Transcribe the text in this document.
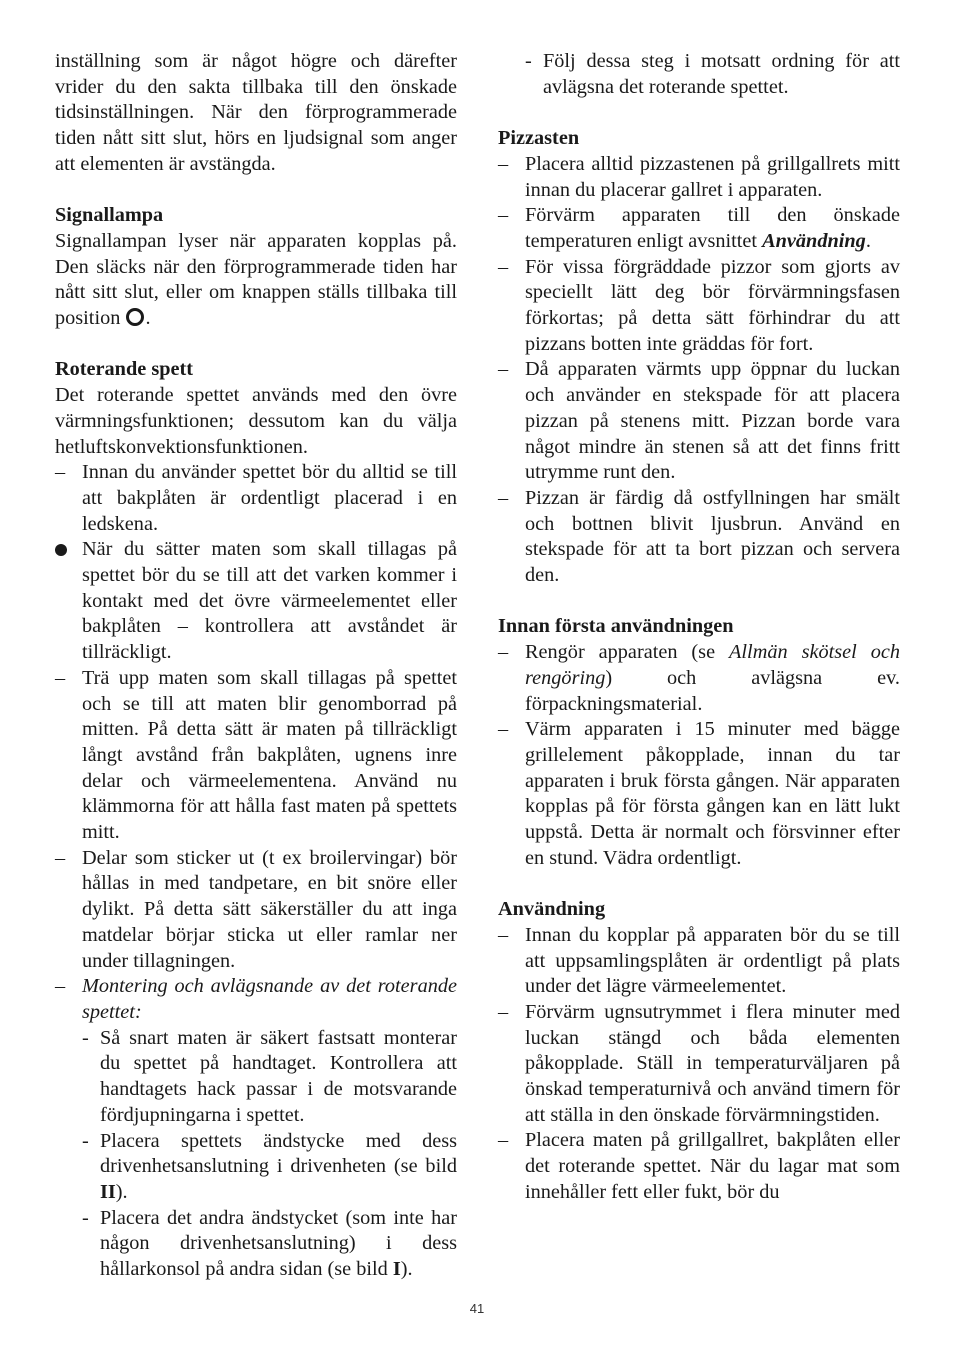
inställning som är något högre och därefter vrider du den sakta tillbaka till den önskade tidsinställningen. När den förprogrammerade tiden nått sitt slut, hörs en ljudsignal som anger att elementen är avstängda.

Signallampa

Signallampan lyser när apparaten kopplas på. Den släcks när den förprogrammerade tiden har nått sitt slut, eller om knappen ställs tillbaka till position .

Roterande spett

Det roterande spettet används med den övre värmningsfunktionen; dessutom kan du välja hetluftskonvektionsfunktionen.

– Innan du använder spettet bör du alltid se till att bakplåten är ordentligt placerad i en ledskena.
När du sätter maten som skall tillagas på spettet bör du se till att det varken kommer i kontakt med det övre värmeelementet eller bakplåten – kontrollera att avståndet är tillräckligt.
– Trä upp maten som skall tillagas på spettet och se till att maten blir genomborrad på mitten. På detta sätt är maten på tillräckligt långt avstånd från bakplåten, ugnens inre delar och värmeelementena. Använd nu klämmorna för att hålla fast maten på spettets mitt.
– Delar som sticker ut (t ex broilervingar) bör hållas in med tandpetare, en bit snöre eller dylikt. På detta sätt säkerställer du att inga matdelar börjar sticka ut eller ramlar ner under tillagningen.
– Montering och avlägsnande av det roterande spettet:
- Så snart maten är säkert fastsatt monterar du spettet på handtaget. Kontrollera att handtagets hack passar i de motsvarande fördjupningarna i spettet.
- Placera spettets ändstycke med dess drivenhetsanslutning i drivenheten (se bild II).
- Placera det andra ändstycket (som inte har någon drivenhetsanslutning) i dess hållarkonsol på andra sidan (se bild I).
- Följ dessa steg i motsatt ordning för att avlägsna det roterande spettet.

Pizzasten

– Placera alltid pizzastenen på grillgallrets mitt innan du placerar gallret i apparaten.
– Förvärm apparaten till den önskade temperaturen enligt avsnittet Användning.
– För vissa förgräddade pizzor som gjorts av speciellt lätt deg bör förvärmningsfasen förkortas; på detta sätt förhindrar du att pizzans botten inte gräddas för fort.
– Då apparaten värmts upp öppnar du luckan och använder en stekspade för att placera pizzan på stenens mitt. Pizzan borde vara något mindre än stenen så att det finns fritt utrymme runt den.
– Pizzan är färdig då ostfyllningen har smält och bottnen blivit ljusbrun. Använd en stekspade för att ta bort pizzan och servera den.

Innan första användningen

– Rengör apparaten (se Allmän skötsel och rengöring) och avlägsna ev. förpackningsmaterial.
– Värm apparaten i 15 minuter med bägge grillelement påkopplade, innan du tar apparaten i bruk första gången. När apparaten kopplas på för första gången kan en lätt lukt uppstå. Detta är normalt och försvinner efter en stund. Vädra ordentligt.

Användning

– Innan du kopplar på apparaten bör du se till att uppsamlingsplåten är ordentligt på plats under det lägre värmeelementet.
– Förvärm ugnsutrymmet i flera minuter med luckan stängd och båda elementen påkopplade. Ställ in temperaturväljaren på önskad temperaturnivå och använd timern för att ställa in den önskade förvärmningstiden.
– Placera maten på grillgallret, bakplåten eller det roterande spettet. När du lagar mat som innehåller fett eller fukt, bör du
41
